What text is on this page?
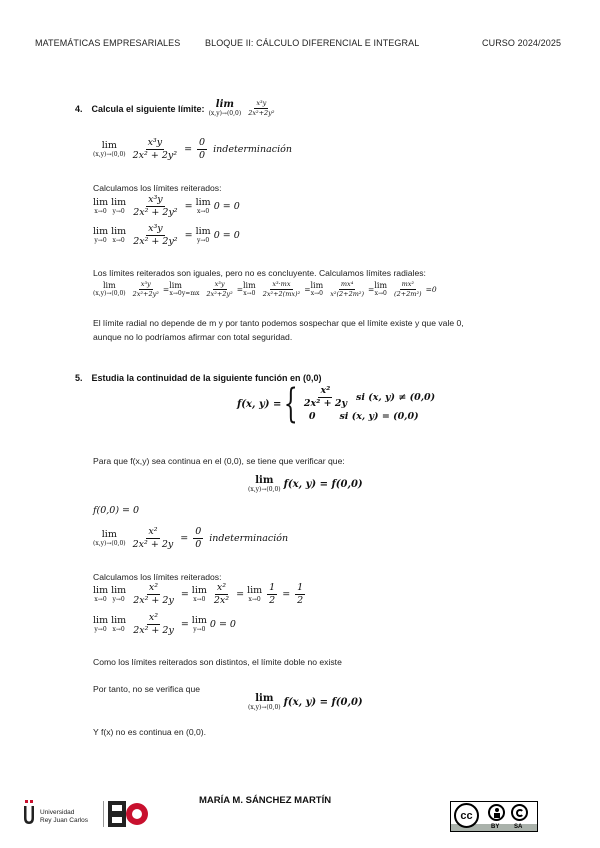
MATEMÁTICAS EMPRESARIALES	BLOQUE II: CÁLCULO DIFERENCIAL E INTEGRAL	CURSO 2024/2025
4. Calcula el siguiente límite: lim
$(x,y)\to(0,0) \frac{\text{x³y}}{\text{2x²+2y²}}$
lim
$(x,y)\to(0,0) \frac{\text{x³y}}{\text{2x² + 2y²}} = \frac{0}{0}$ indeterminación
Calculamos los límites reiterados:
lim
x→0
lim
$y\to 0 \frac{\text{x³y}}{\text{2x² + 2y²}} = \lim$
x→0 0 = 0
lim
y→0
lim
$x\to 0 \frac{\text{x³y}}{\text{2x² + 2y²}} = \lim$
y→0 0 = 0
Los límites reiterados son iguales, pero no es concluyente. Calculamos límites radiales:
lim
$(x,y)\to(0,0) \frac{\text{x³y}}{\text{2x²+2y²}} = \lim$
x→0 $y=mx \frac{\text{x³y}}{\text{2x²+2y²}} = \lim$
$x\to 0 \frac{\text{x³·mx}}{\text{2x²+2(mx)²}} = \lim$
$x\to 0 \frac{\text{mx⁴}}{\text{x²(2+2m²)}} = \lim$
$x\to 0 \frac{\text{mx²}}{\text{(2+2m²)}} =0$
El límite radial no depende de m y por tanto podemos sospechar que el límite existe y que vale 0,
aunque no lo podríamos afirmar con total seguridad.
5. Estudia la continuidad de la siguiente función en (0,0)
f(x, y) = { $\frac{\text{x²}}{\text{2x² + 2y}}$ si (x, y) ≠ (0,0)
0	si (x, y) = (0,0)
Para que f(x,y) sea continua en el (0,0), se tiene que verificar que:
lim
(x,y)→(0,0) f(x, y) = f(0,0)
f(0,0) = 0
lim
$(x,y)\to(0,0) \frac{\text{x²}}{\text{2x² + 2y}} = \frac{0}{0}$ indeterminación
Calculamos los límites reiterados:
lim
x→0
lim
$y\to 0 \frac{\text{x²}}{\text{2x² + 2y}} = \lim$
$x\to 0 \frac{\text{x²}}{\text{2x²}} = \lim$
$x\to 0 \frac{1}{2} = \frac{1}{2}$
lim
y→0
lim
$x\to 0 \frac{\text{x²}}{\text{2x² + 2y}} = \lim$
y→0 0 = 0
Como los límites reiterados son distintos, el límite doble no existe
Por tanto, no se verifica que
lim
(x,y)→(0,0) f(x, y) = f(0,0)
Y f(x) no es continua en (0,0).
Universidad
Rey Juan Carlos
MARÍA M. SÁNCHEZ MARTÍN
cc
BY SA
